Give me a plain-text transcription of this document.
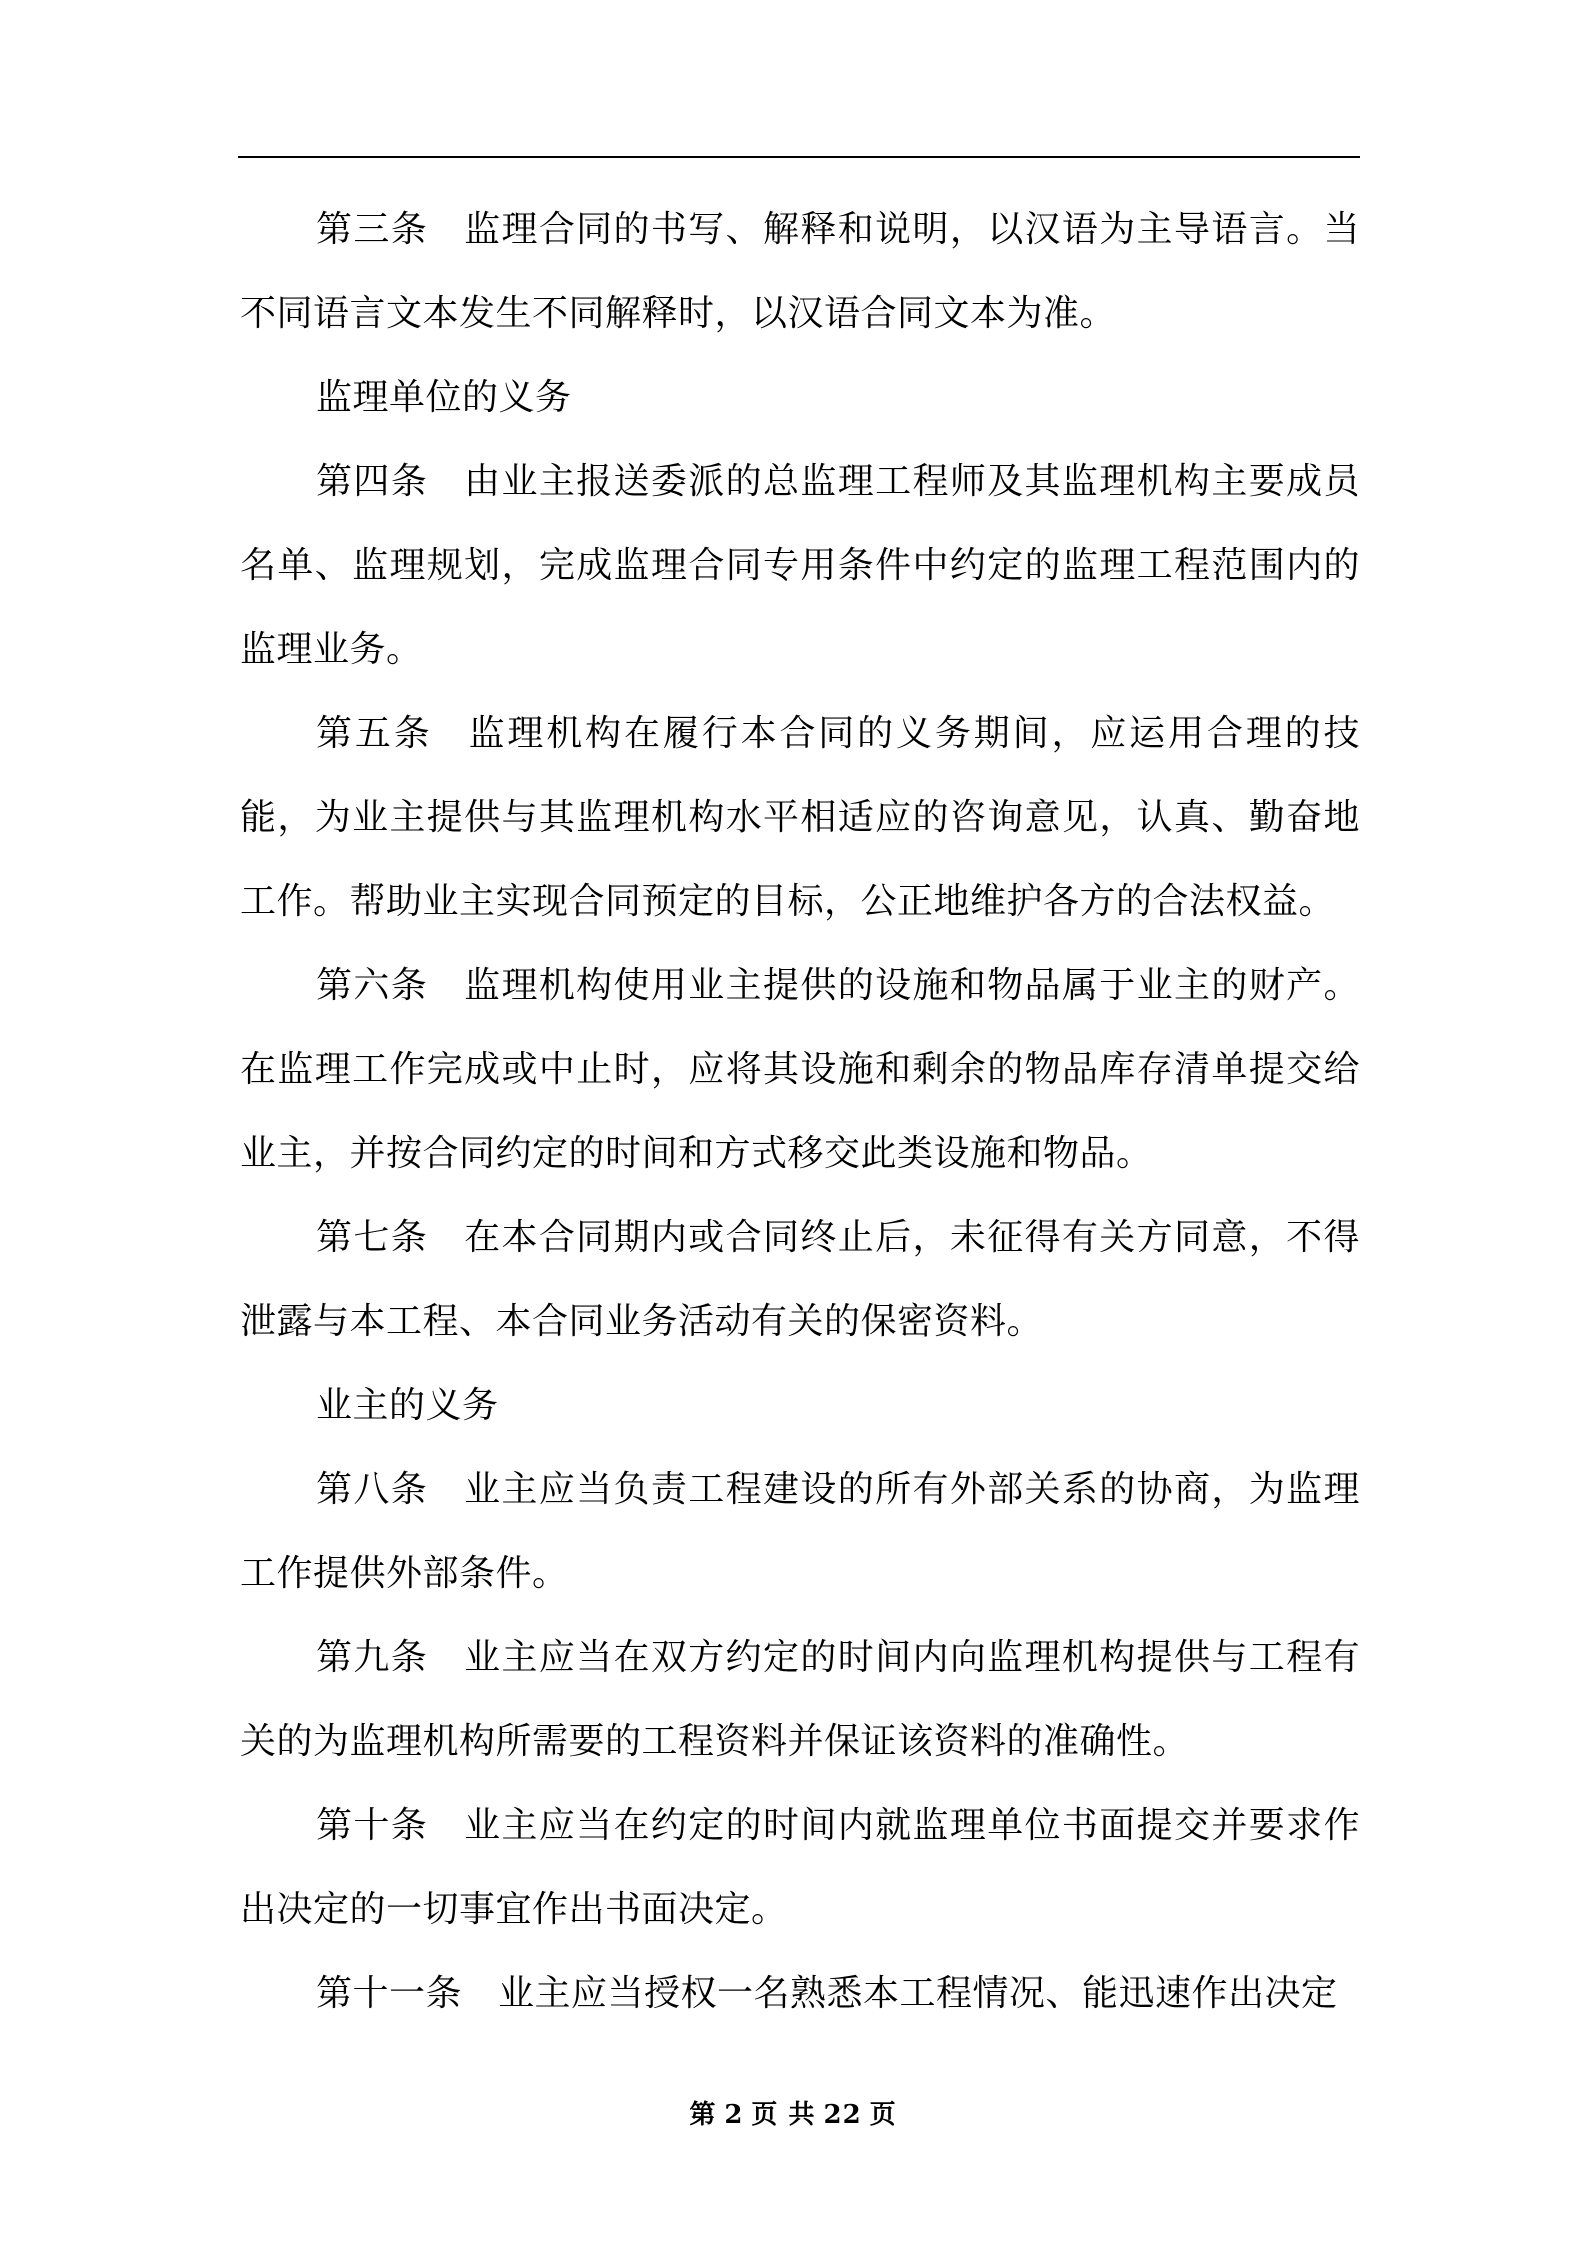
第三条 监理合同的书写、解释和说明，以汉语为主导语言。当不同语言文本发生不同解释时，以汉语合同文本为准。

监理单位的义务

第四条 由业主报送委派的总监理工程师及其监理机构主要成员名单、监理规划，完成监理合同专用条件中约定的监理工程范围内的监理业务。

第五条 监理机构在履行本合同的义务期间，应运用合理的技能，为业主提供与其监理机构水平相适应的咨询意见，认真、勤奋地工作。帮助业主实现合同预定的目标，公正地维护各方的合法权益。

第六条 监理机构使用业主提供的设施和物品属于业主的财产。在监理工作完成或中止时，应将其设施和剩余的物品库存清单提交给业主，并按合同约定的时间和方式移交此类设施和物品。

第七条 在本合同期内或合同终止后，未征得有关方同意，不得泄露与本工程、本合同业务活动有关的保密资料。

业主的义务

第八条 业主应当负责工程建设的所有外部关系的协商，为监理工作提供外部条件。

第九条 业主应当在双方约定的时间内向监理机构提供与工程有关的为监理机构所需要的工程资料并保证该资料的准确性。

第十条 业主应当在约定的时间内就监理单位书面提交并要求作出决定的一切事宜作出书面决定。

第十一条 业主应当授权一名熟悉本工程情况、能迅速作出决定

第 2 页 共 22 页
